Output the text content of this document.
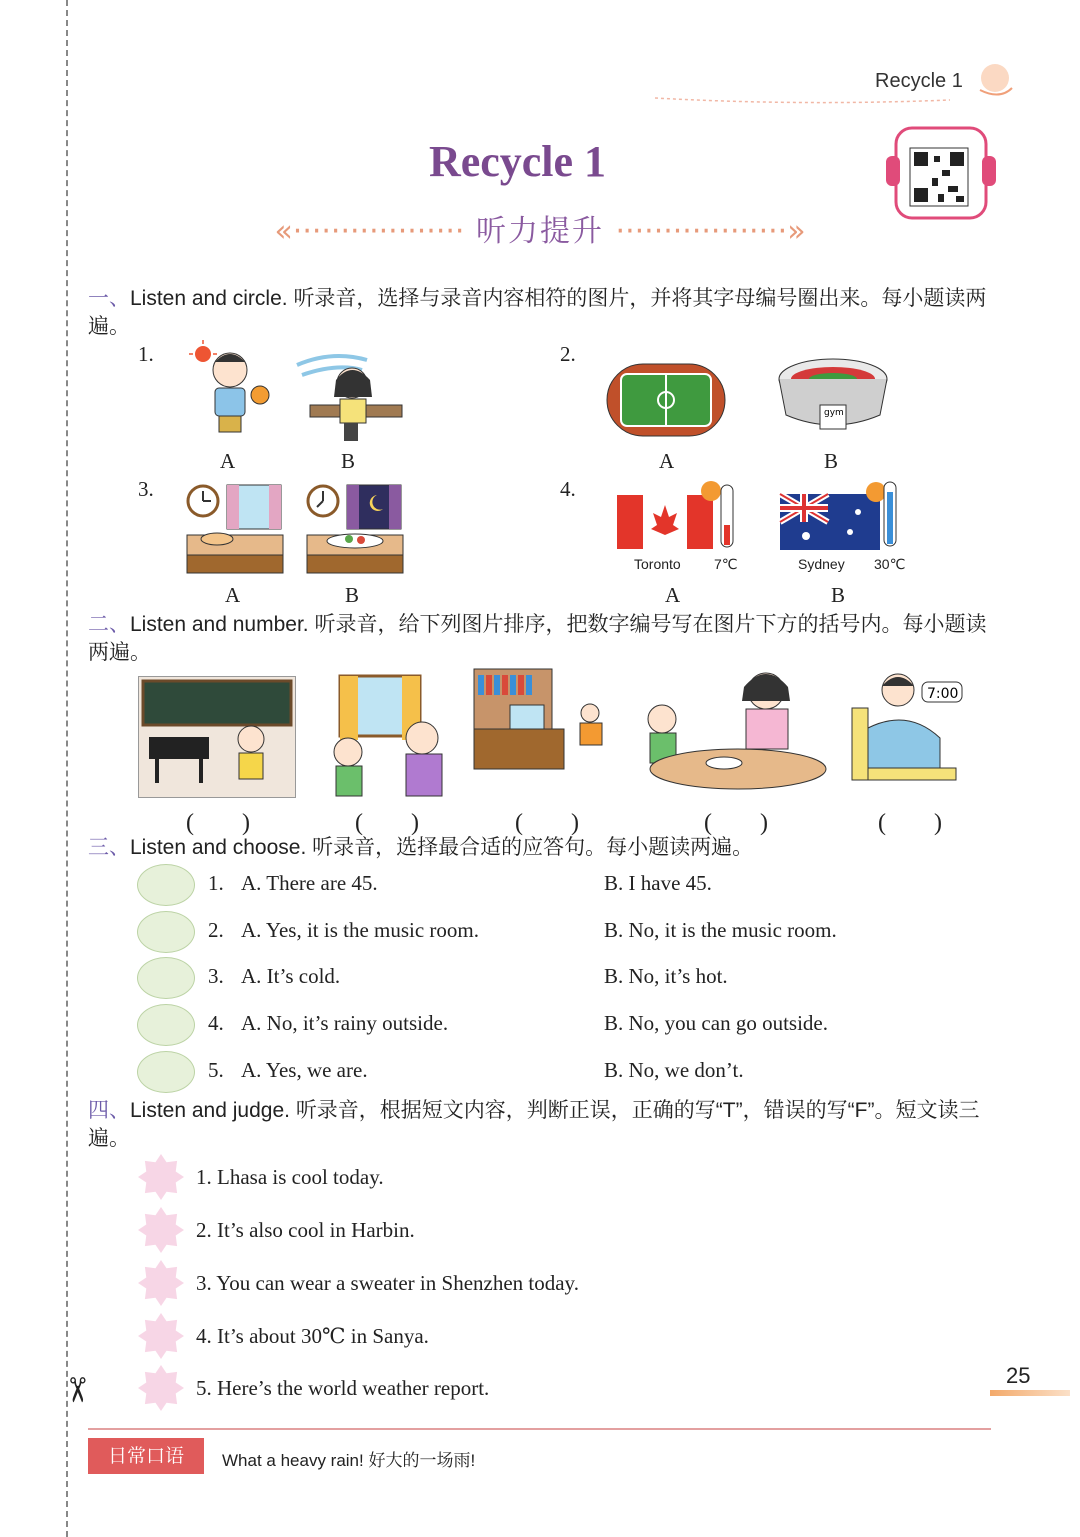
✂
Recycle 1
Recycle 1
«·················· 听力提升 ··················»
一、Listen and circle. 听录音，选择与录音内容相符的图片，并将其字母编号圈出来。每小题读两遍。
1.	2.
3.	4.
A	B
gym
A	B
A	B
Toronto 7℃	Sydney 30℃
A	B
二、Listen and number. 听录音，给下列图片排序，把数字编号写在图片下方的括号内。每小题读两遍。
7:00
(　　)	(　　)	(　　)	(　　)	(　　)
三、Listen and choose. 听录音，选择最合适的应答句。每小题读两遍。
1. A. There are 45.	B. I have 45.
2. A. Yes, it is the music room.	B. No, it is the music room.
3. A. It’s cold.	B. No, it’s hot.
4. A. No, it’s rainy outside.	B. No, you can go outside.
5. A. Yes, we are.	B. No, we don’t.
四、Listen and judge. 听录音，根据短文内容，判断正误，正确的写“T”，错误的写“F”。短文读三遍。
1. Lhasa is cool today.
2. It’s also cool in Harbin.
3. You can wear a sweater in Shenzhen today.
4. It’s about 30℃ in Sanya.
5. Here’s the world weather report.	25
日常口语	What a heavy rain! 好大的一场雨!
